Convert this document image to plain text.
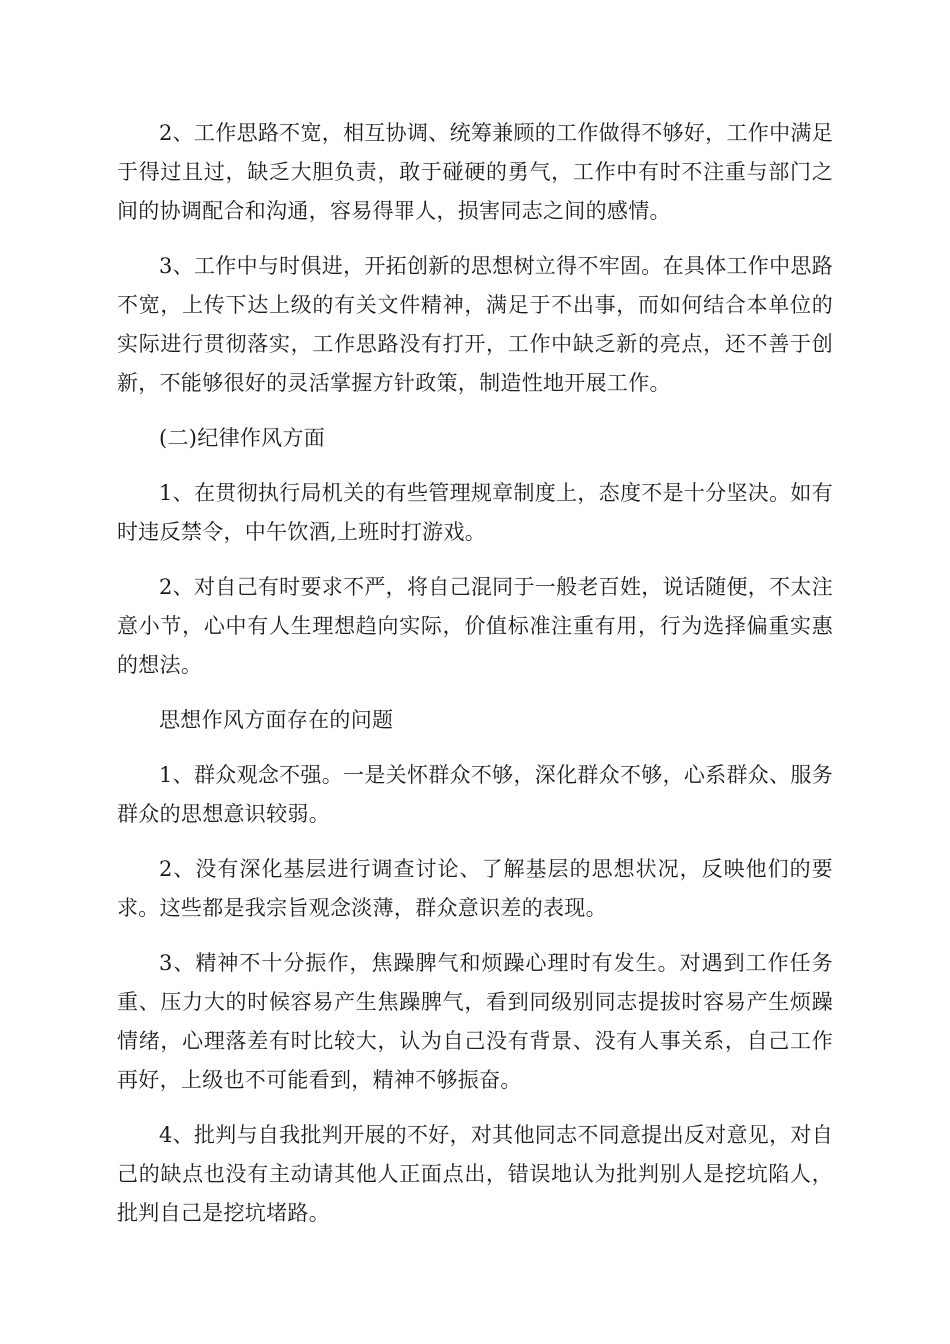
2、工作思路不宽，相互协调、统筹兼顾的工作做得不够好，工作中满足于得过且过，缺乏大胆负责，敢于碰硬的勇气，工作中有时不注重与部门之间的协调配合和沟通，容易得罪人，损害同志之间的感情。

3、工作中与时俱进，开拓创新的思想树立得不牢固。在具体工作中思路不宽，上传下达上级的有关文件精神，满足于不出事，而如何结合本单位的实际进行贯彻落实，工作思路没有打开，工作中缺乏新的亮点，还不善于创新，不能够很好的灵活掌握方针政策，制造性地开展工作。

(二)纪律作风方面

1、在贯彻执行局机关的有些管理规章制度上，态度不是十分坚决。如有时违反禁令，中午饮酒,上班时打游戏。

2、对自己有时要求不严，将自己混同于一般老百姓，说话随便，不太注意小节，心中有人生理想趋向实际，价值标准注重有用，行为选择偏重实惠的想法。

思想作风方面存在的问题

1、群众观念不强。一是关怀群众不够，深化群众不够，心系群众、服务群众的思想意识较弱。

2、没有深化基层进行调查讨论、了解基层的思想状况，反映他们的要求。这些都是我宗旨观念淡薄，群众意识差的表现。

3、精神不十分振作，焦躁脾气和烦躁心理时有发生。对遇到工作任务重、压力大的时候容易产生焦躁脾气，看到同级别同志提拔时容易产生烦躁情绪，心理落差有时比较大，认为自己没有背景、没有人事关系，自己工作再好，上级也不可能看到，精神不够振奋。

4、批判与自我批判开展的不好，对其他同志不同意提出反对意见，对自己的缺点也没有主动请其他人正面点出，错误地认为批判别人是挖坑陷人，批判自己是挖坑堵路。
